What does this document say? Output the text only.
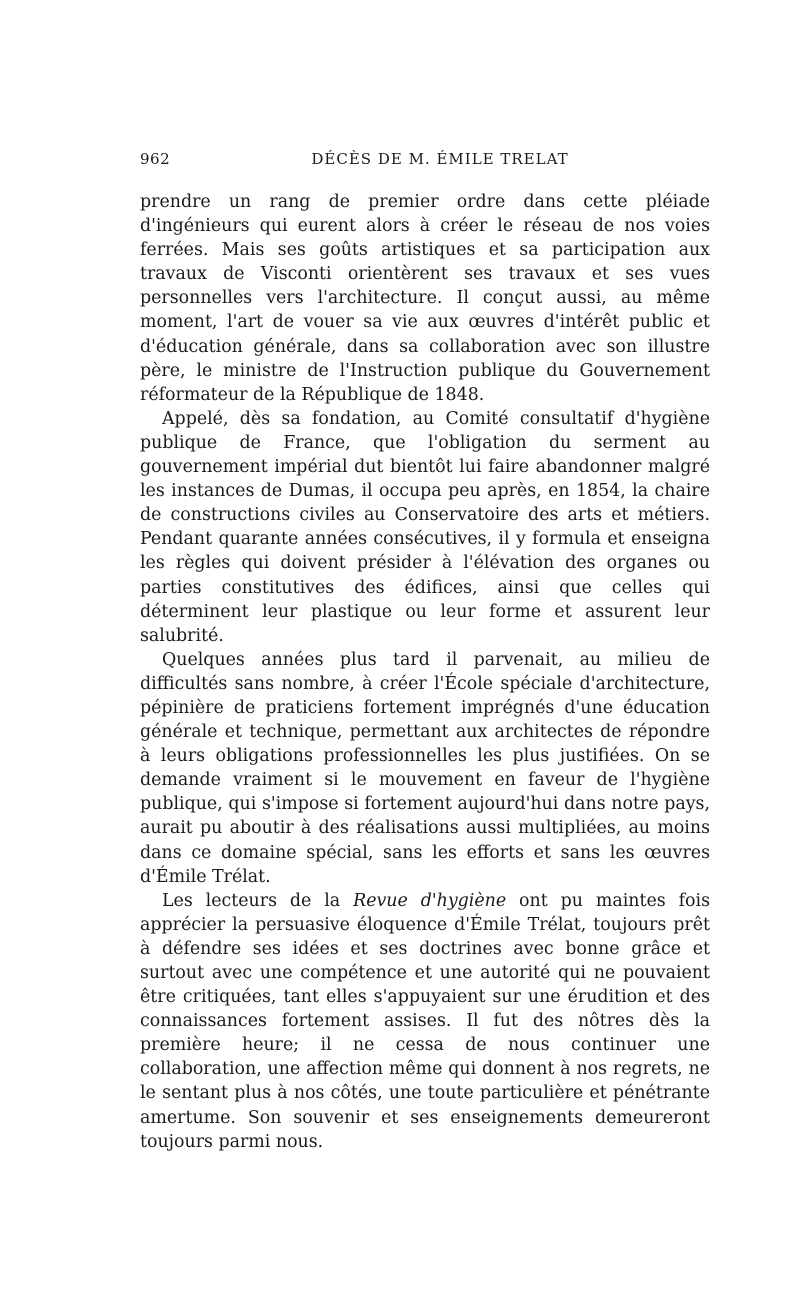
962	DÉCÈS DE M. ÉMILE TRELAT

prendre un rang de premier ordre dans cette pléiade d'ingénieurs qui eurent alors à créer le réseau de nos voies ferrées. Mais ses goûts artistiques et sa participation aux travaux de Visconti orientèrent ses travaux et ses vues personnelles vers l'architecture. Il conçut aussi, au même moment, l'art de vouer sa vie aux œuvres d'intérêt public et d'éducation générale, dans sa collaboration avec son illustre père, le ministre de l'Instruction publique du Gouvernement réformateur de la République de 1848.

Appelé, dès sa fondation, au Comité consultatif d'hygiène publique de France, que l'obligation du serment au gouvernement impérial dut bientôt lui faire abandonner malgré les instances de Dumas, il occupa peu après, en 1854, la chaire de constructions civiles au Conservatoire des arts et métiers. Pendant quarante années consécutives, il y formula et enseigna les règles qui doivent présider à l'élévation des organes ou parties constitutives des édifices, ainsi que celles qui déterminent leur plastique ou leur forme et assurent leur salubrité.

Quelques années plus tard il parvenait, au milieu de difficultés sans nombre, à créer l'École spéciale d'architecture, pépinière de praticiens fortement imprégnés d'une éducation générale et technique, permettant aux architectes de répondre à leurs obligations professionnelles les plus justifiées. On se demande vraiment si le mouvement en faveur de l'hygiène publique, qui s'impose si fortement aujourd'hui dans notre pays, aurait pu aboutir à des réalisations aussi multipliées, au moins dans ce domaine spécial, sans les efforts et sans les œuvres d'Émile Trélat.

Les lecteurs de la Revue d'hygiène ont pu maintes fois apprécier la persuasive éloquence d'Émile Trélat, toujours prêt à défendre ses idées et ses doctrines avec bonne grâce et surtout avec une compétence et une autorité qui ne pouvaient être critiquées, tant elles s'appuyaient sur une érudition et des connaissances fortement assises. Il fut des nôtres dès la première heure; il ne cessa de nous continuer une collaboration, une affection même qui donnent à nos regrets, ne le sentant plus à nos côtés, une toute particulière et pénétrante amertume. Son souvenir et ses enseignements demeureront toujours parmi nous.
